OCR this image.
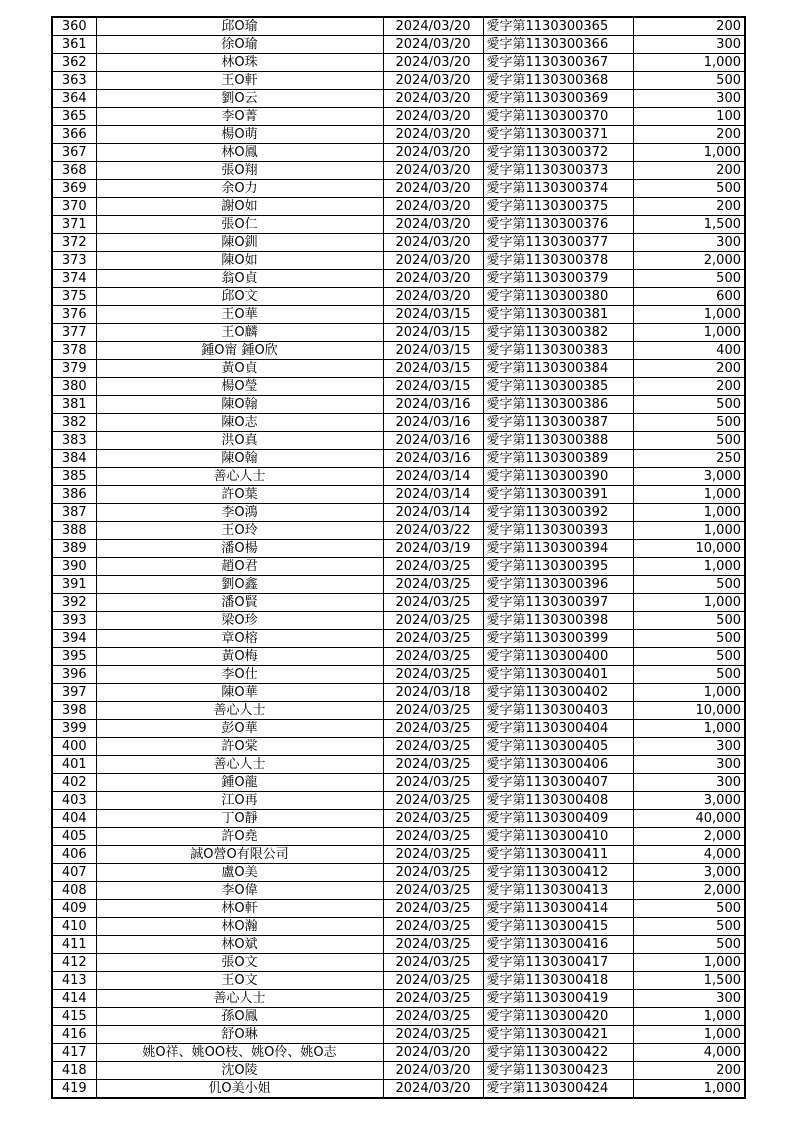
360	邱O瑜	2024/03/20	愛字第1130300365	200
361	徐O瑜	2024/03/20	愛字第1130300366	300
362	林O珠	2024/03/20	愛字第1130300367	1,000
363	王O軒	2024/03/20	愛字第1130300368	500
364	劉O云	2024/03/20	愛字第1130300369	300
365	李O菁	2024/03/20	愛字第1130300370	100
366	楊O萌	2024/03/20	愛字第1130300371	200
367	林O鳳	2024/03/20	愛字第1130300372	1,000
368	張O翔	2024/03/20	愛字第1130300373	200
369	余O力	2024/03/20	愛字第1130300374	500
370	謝O如	2024/03/20	愛字第1130300375	200
371	張O仁	2024/03/20	愛字第1130300376	1,500
372	陳O釧	2024/03/20	愛字第1130300377	300
373	陳O如	2024/03/20	愛字第1130300378	2,000
374	翁O貞	2024/03/20	愛字第1130300379	500
375	邱O文	2024/03/20	愛字第1130300380	600
376	王O華	2024/03/15	愛字第1130300381	1,000
377	王O麟	2024/03/15	愛字第1130300382	1,000
378	鍾O甯 鍾O欣	2024/03/15	愛字第1130300383	400
379	黃O貞	2024/03/15	愛字第1130300384	200
380	楊O瑩	2024/03/15	愛字第1130300385	200
381	陳O翰	2024/03/16	愛字第1130300386	500
382	陳O志	2024/03/16	愛字第1130300387	500
383	洪O真	2024/03/16	愛字第1130300388	500
384	陳O翰	2024/03/16	愛字第1130300389	250
385	善心人士	2024/03/14	愛字第1130300390	3,000
386	許O葉	2024/03/14	愛字第1130300391	1,000
387	李O鴻	2024/03/14	愛字第1130300392	1,000
388	王O玲	2024/03/22	愛字第1130300393	1,000
389	潘O楊	2024/03/19	愛字第1130300394	10,000
390	趙O君	2024/03/25	愛字第1130300395	1,000
391	劉O鑫	2024/03/25	愛字第1130300396	500
392	潘O賢	2024/03/25	愛字第1130300397	1,000
393	梁O珍	2024/03/25	愛字第1130300398	500
394	章O榕	2024/03/25	愛字第1130300399	500
395	黃O梅	2024/03/25	愛字第1130300400	500
396	李O仕	2024/03/25	愛字第1130300401	500
397	陳O華	2024/03/18	愛字第1130300402	1,000
398	善心人士	2024/03/25	愛字第1130300403	10,000
399	彭O華	2024/03/25	愛字第1130300404	1,000
400	許O棠	2024/03/25	愛字第1130300405	300
401	善心人士	2024/03/25	愛字第1130300406	300
402	鍾O龍	2024/03/25	愛字第1130300407	300
403	江O再	2024/03/25	愛字第1130300408	3,000
404	丁O靜	2024/03/25	愛字第1130300409	40,000
405	許O堯	2024/03/25	愛字第1130300410	2,000
406	誠O營O有限公司	2024/03/25	愛字第1130300411	4,000
407	盧O美	2024/03/25	愛字第1130300412	3,000
408	李O偉	2024/03/25	愛字第1130300413	2,000
409	林O軒	2024/03/25	愛字第1130300414	500
410	林O瀚	2024/03/25	愛字第1130300415	500
411	林O斌	2024/03/25	愛字第1130300416	500
412	張O文	2024/03/25	愛字第1130300417	1,000
413	王O文	2024/03/25	愛字第1130300418	1,500
414	善心人士	2024/03/25	愛字第1130300419	300
415	孫O鳳	2024/03/25	愛字第1130300420	1,000
416	舒O琳	2024/03/25	愛字第1130300421	1,000
417	姚O祥、姚OO枝、姚O伶、姚O志	2024/03/20	愛字第1130300422	4,000
418	沈O陵	2024/03/20	愛字第1130300423	200
419	仉O美小姐	2024/03/20	愛字第1130300424	1,000
